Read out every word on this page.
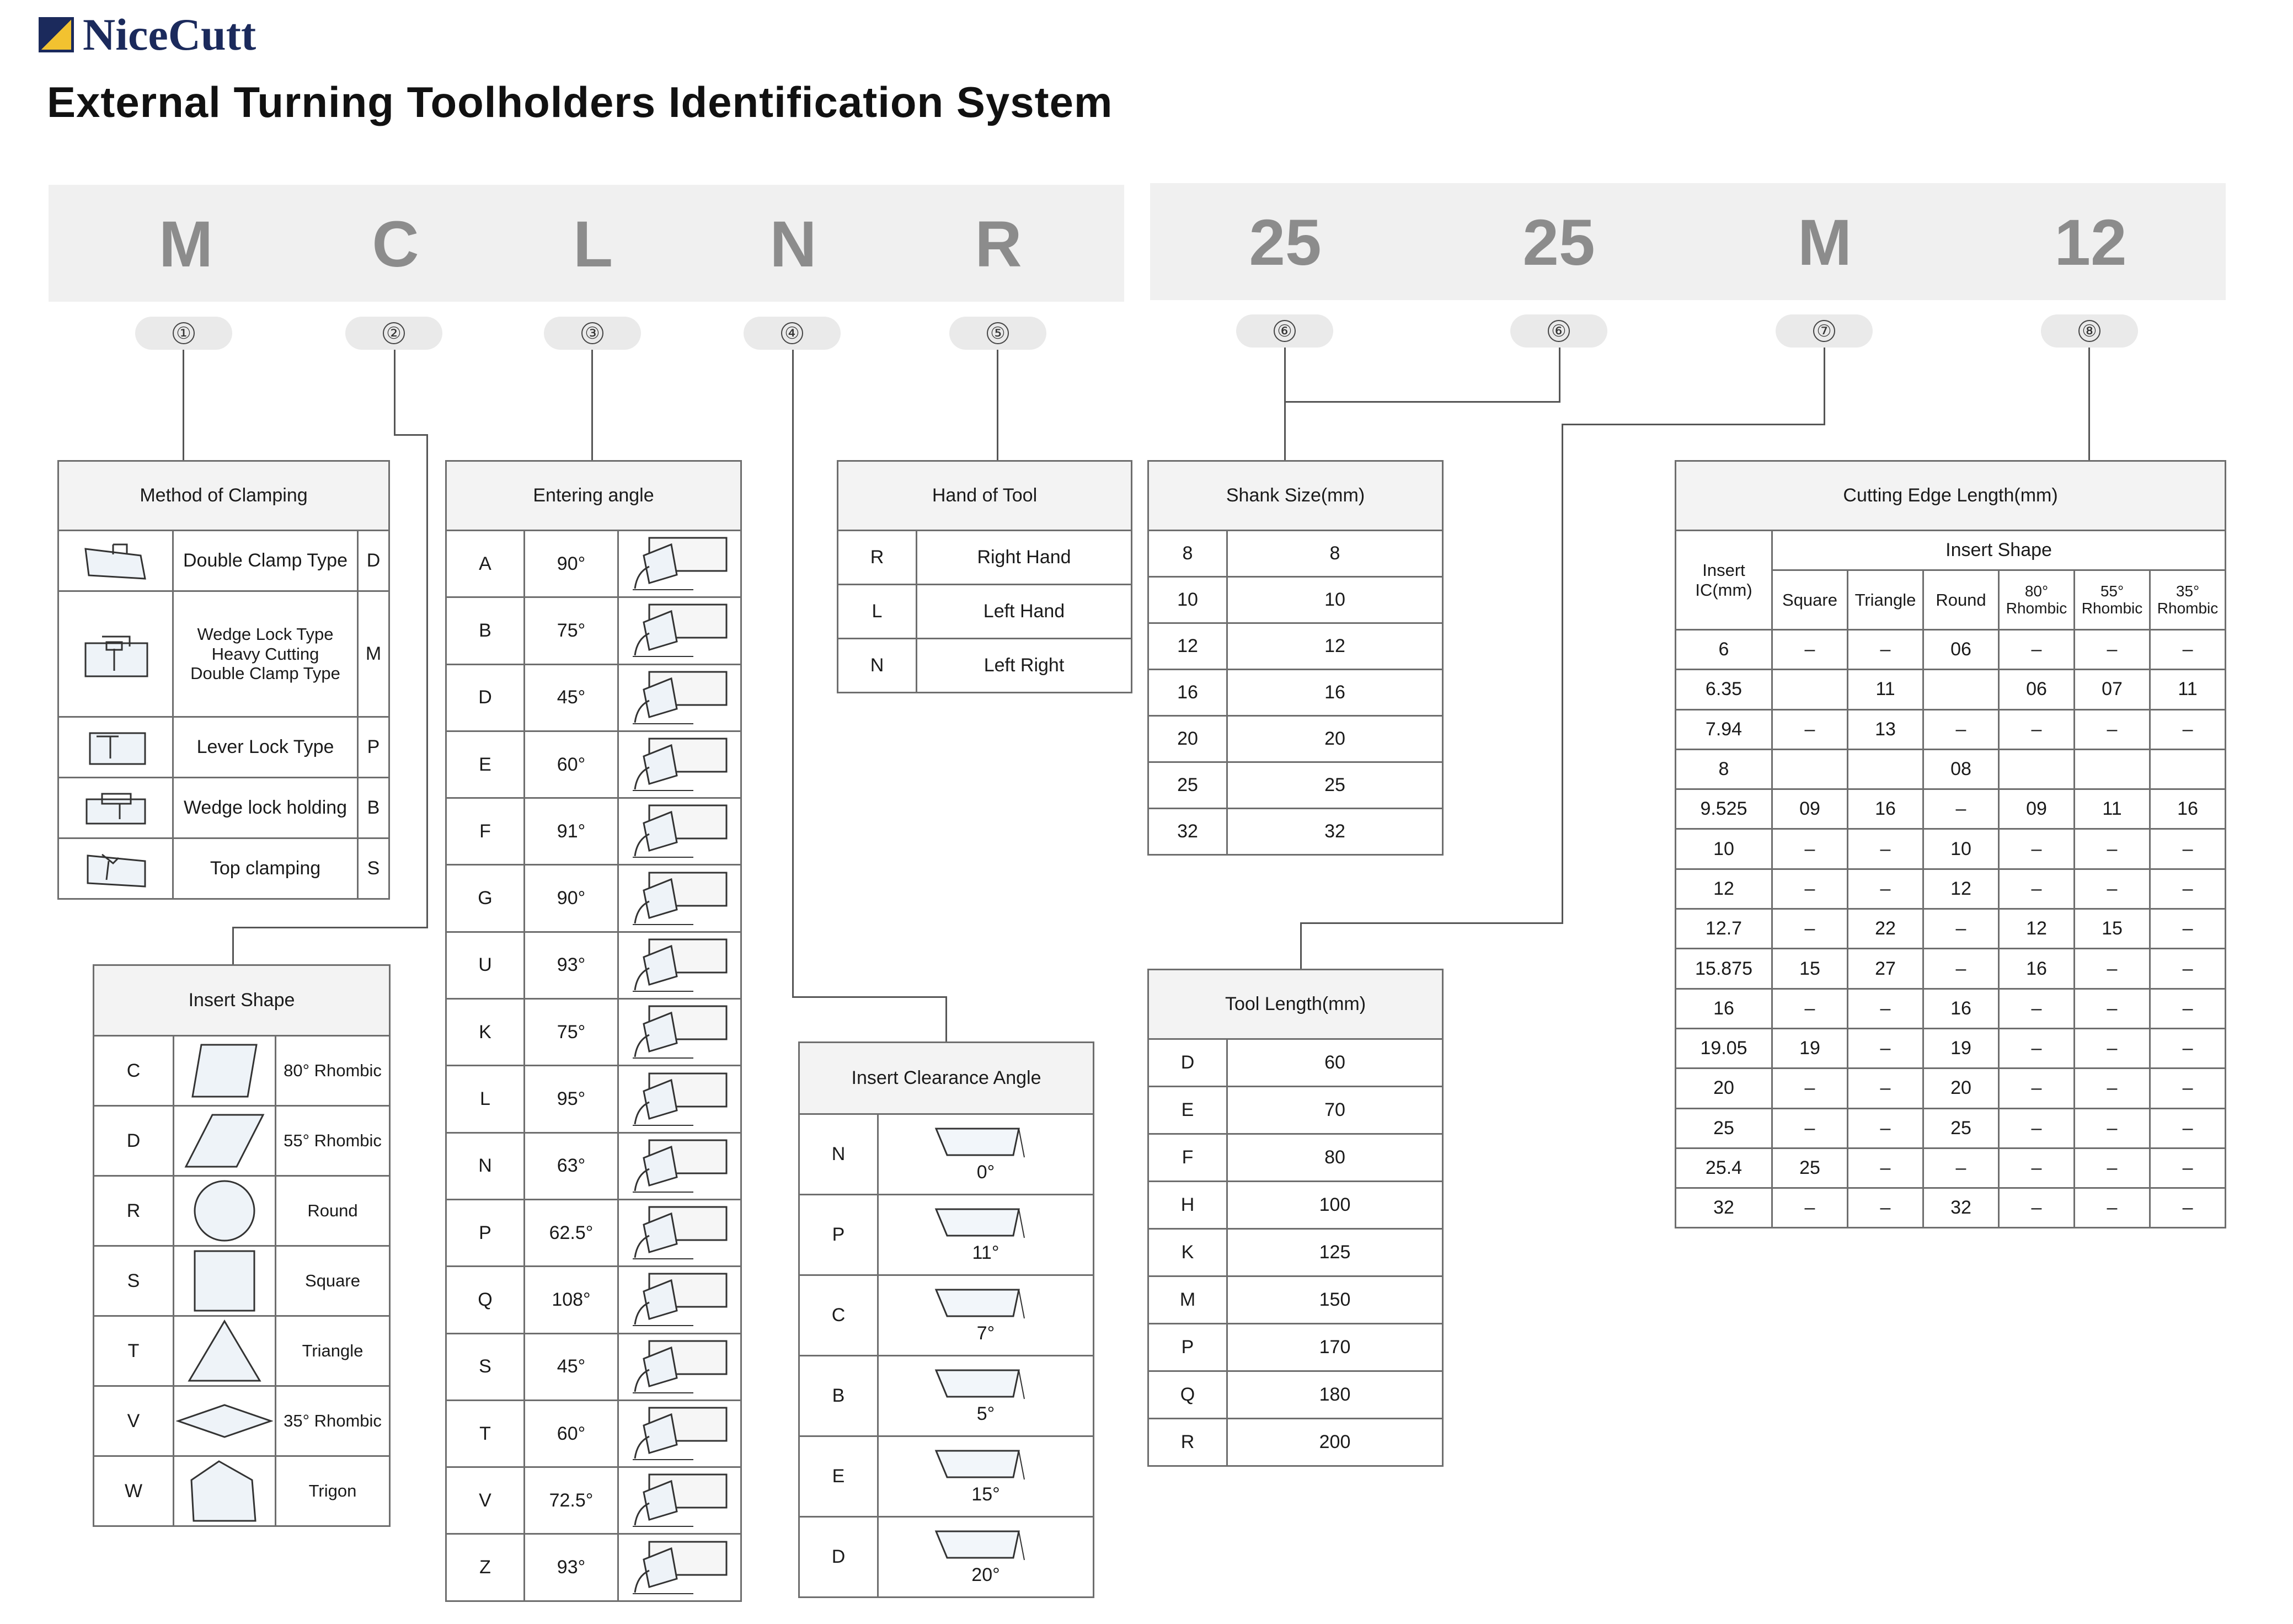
NiceCutt
External Turning Toolholders Identification System
M	C	L	N	R	25	25	M	12
①	②	③	④	⑤	⑥	⑥	⑦	⑧
Method of Clamping		

	Double Clamp Type	D

	Wedge Lock Type Heavy Cutting Double Clamp Type	M

	Lever Lock Type	P

	Wedge lock holding	B

	Top clamping	S
Insert Shape		
C		80° Rhombic
D		55° Rhombic
R		Round
S		Square
T		Triangle
V		35° Rhombic
W		Trigon
Entering angle		
A	90°	

B	75°	

D	45°	

E	60°	

F	91°	

G	90°	

U	93°	

K	75°	

L	95°	

N	63°	

P	62.5°	

Q	108°	

S	45°	

T	60°	

V	72.5°	

Z	93°	
Hand of Tool	
R	Right Hand
L	Left Hand
N	Left Right
Insert Clearance Angle	
N	0°

P	11°

C	7°

B	5°

E	15°

D	20°
Shank Size(mm)	
8	8
10	10
12	12
16	16
20	20
25	25
32	32
Tool Length(mm)	
D	60
E	70
F	80
H	100
K	125
M	150
P	170
Q	180
R	200
Cutting Edge Length(mm)						
Insert IC(mm)	Insert Shape					
	Square	Triangle	Round	80° Rhombic	55° Rhombic	35° Rhombic
6	–	–	06	–	–	–
6.35		11		06	07	11
7.94	–	13	–	–	–	–
8			08			
9.525	09	16	–	09	11	16
10	–	–	10	–	–	–
12	–	–	12	–	–	–
12.7	–	22	–	12	15	–
15.875	15	27	–	16	–	–
16	–	–	16	–	–	–
19.05	19	–	19	–	–	–
20	–	–	20	–	–	–
25	–	–	25	–	–	–
25.4	25	–	–	–	–	–
32	–	–	32	–	–	–
